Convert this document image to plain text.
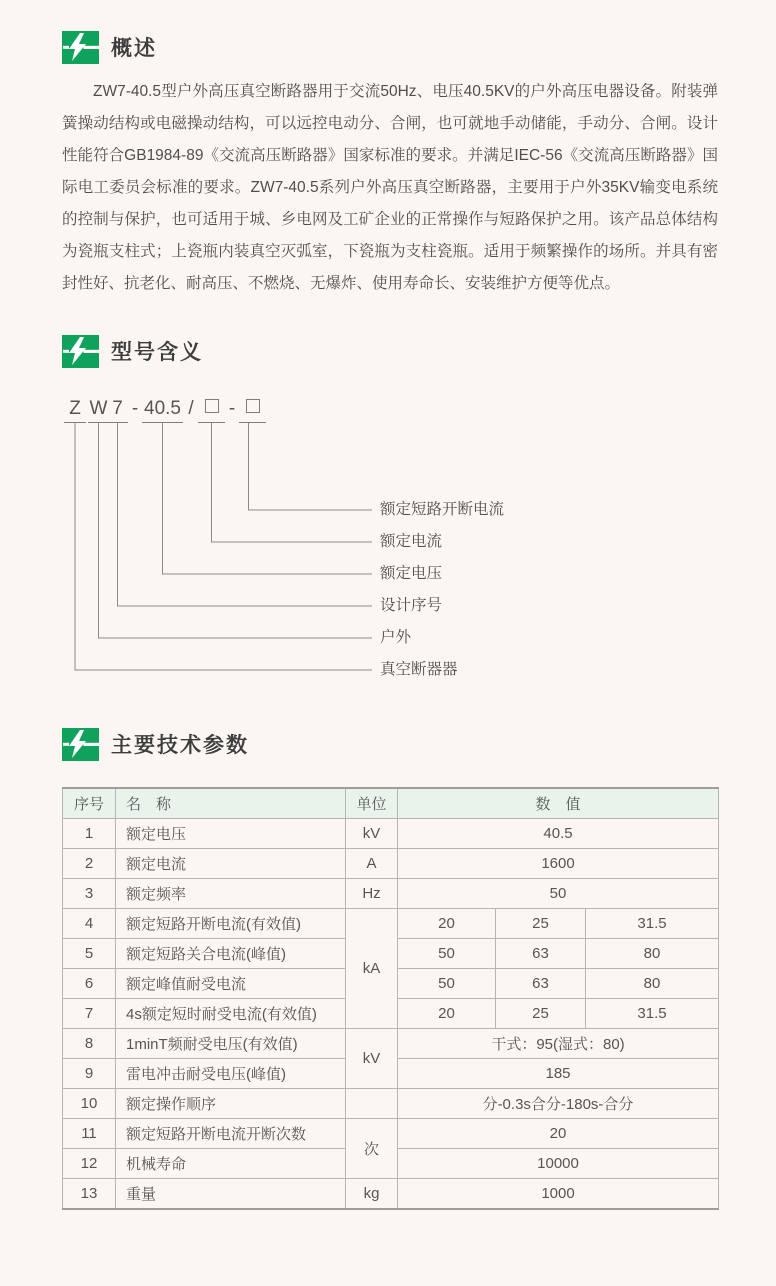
概述

ZW7-40.5型户外高压真空断路器用于交流50Hz、电压40.5KV的户外高压电器设备。附装弹簧操动结构或电磁操动结构，可以远控电动分、合闸，也可就地手动储能，手动分、合闸。设计性能符合GB1984-89《交流高压断路器》国家标准的要求。并满足IEC-56《交流高压断路器》国际电工委员会标准的要求。ZW7-40.5系列户外高压真空断路器，主要用于户外35KV输变电系统的控制与保护，也可适用于城、乡电网及工矿企业的正常操作与短路保护之用。该产品总体结构为瓷瓶支柱式；上瓷瓶内装真空灭弧室，下瓷瓶为支柱瓷瓶。适用于频繁操作的场所。并具有密封性好、抗老化、耐高压、不燃烧、无爆炸、使用寿命长、安装维护方便等优点。

型号含义
Z W 7 - 40.5 / -
额定短路开断电流
额定电流
额定电压
设计序号
户外
真空断器器
主要技术参数
序号	名　称	单位	数　值		
1	额定电压	kV	40.5		
2	额定电流	A	1600		
3	额定频率	Hz	50		
4	额定短路开断电流(有效值)	kA	20	25	31.5
5	额定短路关合电流(峰值)		50	63	80
6	额定峰值耐受电流		50	63	80
7	4s额定短时耐受电流(有效值)		20	25	31.5
8	1minT频耐受电压(有效值)	kV	干式：95(湿式：80)		
9	雷电冲击耐受电压(峰值)		185		
10	额定操作顺序		分-0.3s合分-180s-合分		
11	额定短路开断电流开断次数	次	20		
12	机械寿命		10000		
13	重量	kg	1000		
